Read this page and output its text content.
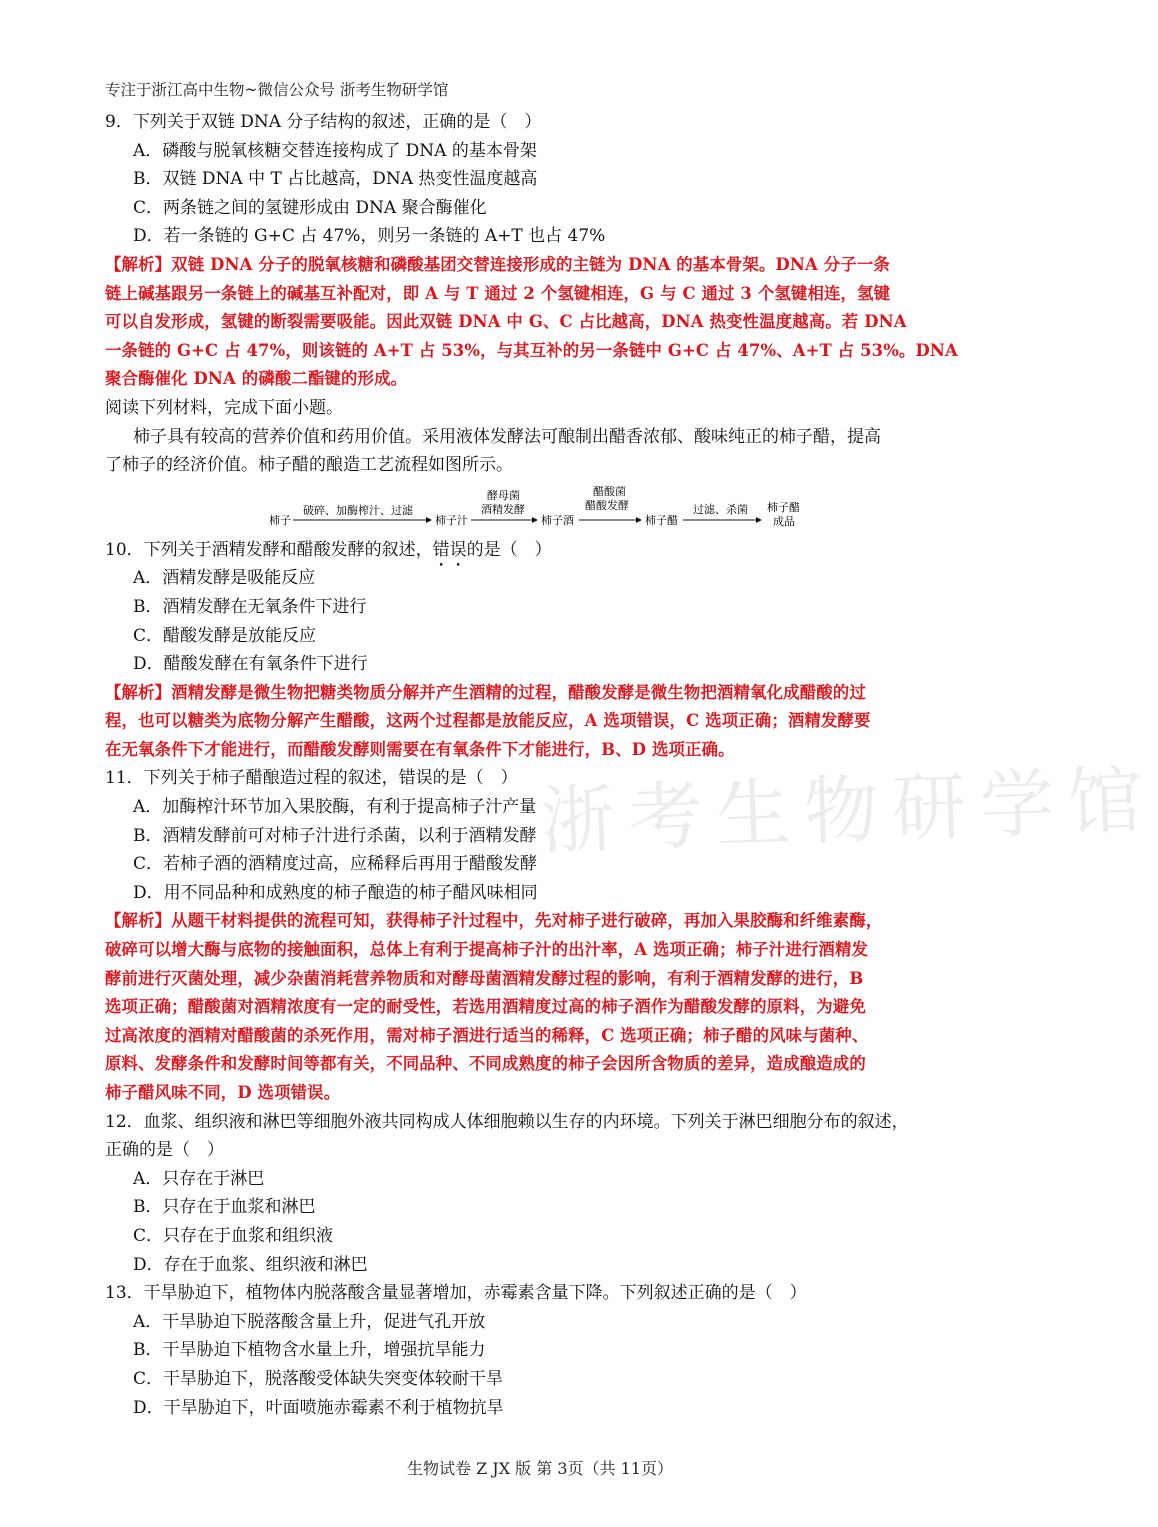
浙考生物研学馆
专注于浙江高中生物~微信公众号 浙考生物研学馆
9．下列关于双链 DNA 分子结构的叙述，正确的是（　）
A．磷酸与脱氧核糖交替连接构成了 DNA 的基本骨架
B．双链 DNA 中 T 占比越高，DNA 热变性温度越高
C．两条链之间的氢键形成由 DNA 聚合酶催化
D．若一条链的 G+C 占 47%，则另一条链的 A+T 也占 47%
【解析】双链 DNA 分子的脱氧核糖和磷酸基团交替连接形成的主链为 DNA 的基本骨架。DNA 分子一条
链上碱基跟另一条链上的碱基互补配对，即 A 与 T 通过 2 个氢键相连，G 与 C 通过 3 个氢键相连，氢键
可以自发形成，氢键的断裂需要吸能。因此双链 DNA 中 G、C 占比越高，DNA 热变性温度越高。若 DNA
一条链的 G+C 占 47%，则该链的 A+T 占 53%，与其互补的另一条链中 G+C 占 47%、A+T 占 53%。DNA
聚合酶催化 DNA 的磷酸二酯键的形成。
阅读下列材料，完成下面小题。
柿子具有较高的营养价值和药用价值。采用液体发酵法可酿制出醋香浓郁、酸味纯正的柿子醋，提高
了柿子的经济价值。柿子醋的酿造工艺流程如图所示。
柿子
破碎、加酶榨汁、过滤
柿子汁
酵母菌
酒精发酵
柿子酒
醋酸菌
醋酸发酵
柿子醋
过滤、杀菌 柿子醋
成品
10．下列关于酒精发酵和醋酸发酵的叙述，错误的是（　）
A．酒精发酵是吸能反应
B．酒精发酵在无氧条件下进行
C．醋酸发酵是放能反应
D．醋酸发酵在有氧条件下进行
【解析】酒精发酵是微生物把糖类物质分解并产生酒精的过程，醋酸发酵是微生物把酒精氧化成醋酸的过
程，也可以糖类为底物分解产生醋酸，这两个过程都是放能反应，A 选项错误，C 选项正确；酒精发酵要
在无氧条件下才能进行，而醋酸发酵则需要在有氧条件下才能进行，B、D 选项正确。
11．下列关于柿子醋酿造过程的叙述，错误的是（　）
A．加酶榨汁环节加入果胶酶，有利于提高柿子汁产量
B．酒精发酵前可对柿子汁进行杀菌，以利于酒精发酵
C．若柿子酒的酒精度过高，应稀释后再用于醋酸发酵
D．用不同品种和成熟度的柿子酿造的柿子醋风味相同
【解析】从题干材料提供的流程可知，获得柿子汁过程中，先对柿子进行破碎，再加入果胶酶和纤维素酶，
破碎可以增大酶与底物的接触面积，总体上有利于提高柿子汁的出汁率，A 选项正确；柿子汁进行酒精发
酵前进行灭菌处理，减少杂菌消耗营养物质和对酵母菌酒精发酵过程的影响，有利于酒精发酵的进行，B
选项正确；醋酸菌对酒精浓度有一定的耐受性，若选用酒精度过高的柿子酒作为醋酸发酵的原料，为避免
过高浓度的酒精对醋酸菌的杀死作用，需对柿子酒进行适当的稀释，C 选项正确；柿子醋的风味与菌种、
原料、发酵条件和发酵时间等都有关，不同品种、不同成熟度的柿子会因所含物质的差异，造成酿造成的
柿子醋风味不同，D 选项错误。
12．血浆、组织液和淋巴等细胞外液共同构成人体细胞赖以生存的内环境。下列关于淋巴细胞分布的叙述，
正确的是（　）
A．只存在于淋巴
B．只存在于血浆和淋巴
C．只存在于血浆和组织液
D．存在于血浆、组织液和淋巴
13．干旱胁迫下，植物体内脱落酸含量显著增加，赤霉素含量下降。下列叙述正确的是（　）
A．干旱胁迫下脱落酸含量上升，促进气孔开放
B．干旱胁迫下植物含水量上升，增强抗旱能力
C．干旱胁迫下，脱落酸受体缺失突变体较耐干旱
D．干旱胁迫下，叶面喷施赤霉素不利于植物抗旱
生物试卷 Z JX 版 第 3页（共 11页）
